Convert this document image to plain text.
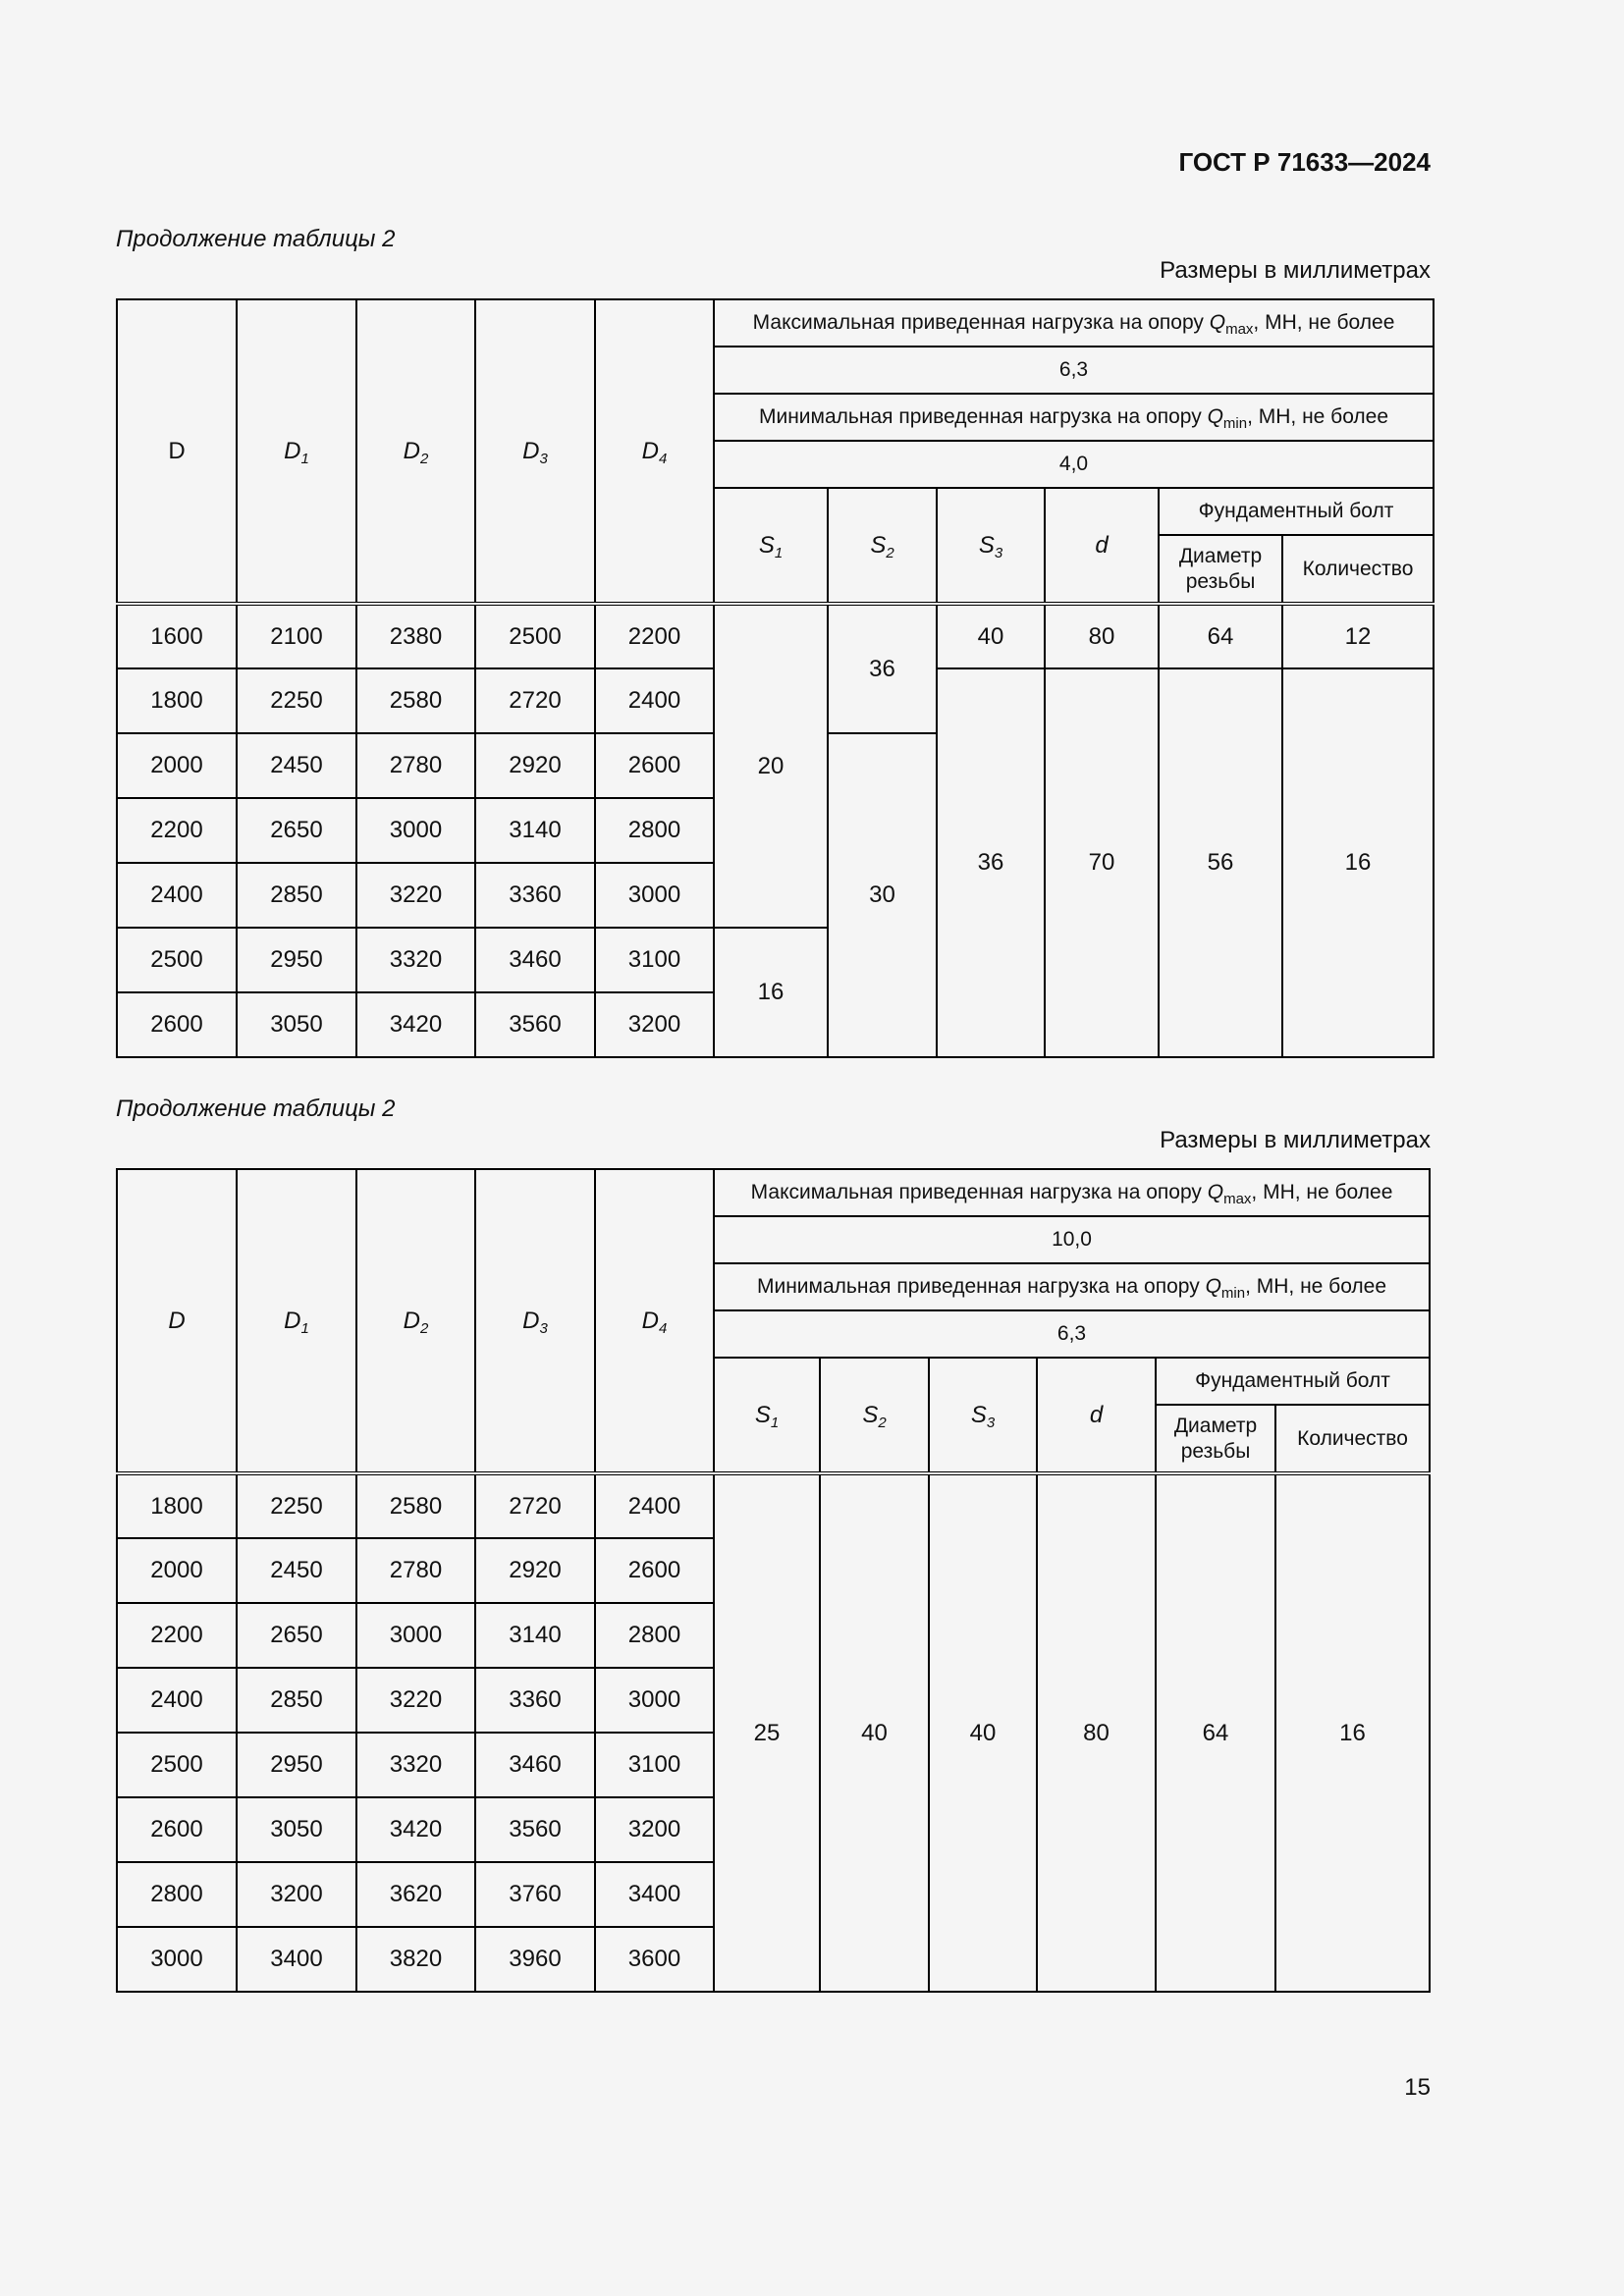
ГОСТ Р 71633—2024
Продолжение таблицы 2
Размеры в миллиметрах
D	$D_1$	$D_2$	$D_3$	$D_4$	Максимальная приведенная нагрузка на опору $Q_{max}$, МН, не более					
					6,3					
					Минимальная приведенная нагрузка на опору $Q_{min}$, МН, не более					
					4,0					
					$S_1$	$S_2$	$S_3$	d	Фундаментный болт	
									Диаметр резьбы	Количество
1600	2100	2380	2500	2200	20	36	40	80	64	12
1800	2250	2580	2720	2400			36	70	56	16
2000	2450	2780	2920	2600		30				
2200	2650	3000	3140	2800						
2400	2850	3220	3360	3000						
2500	2950	3320	3460	3100	16					
2600	3050	3420	3560	3200						
Продолжение таблицы 2
Размеры в миллиметрах
D	$D_1$	$D_2$	$D_3$	$D_4$	Максимальная приведенная нагрузка на опору $Q_{max}$, МН, не более					
					10,0					
					Минимальная приведенная нагрузка на опору $Q_{min}$, МН, не более					
					6,3					
					$S_1$	$S_2$	$S_3$	d	Фундаментный болт	
									Диаметр резьбы	Количество
1800	2250	2580	2720	2400	25	40	40	80	64	16
2000	2450	2780	2920	2600						
2200	2650	3000	3140	2800						
2400	2850	3220	3360	3000						
2500	2950	3320	3460	3100						
2600	3050	3420	3560	3200						
2800	3200	3620	3760	3400						
3000	3400	3820	3960	3600						
15
